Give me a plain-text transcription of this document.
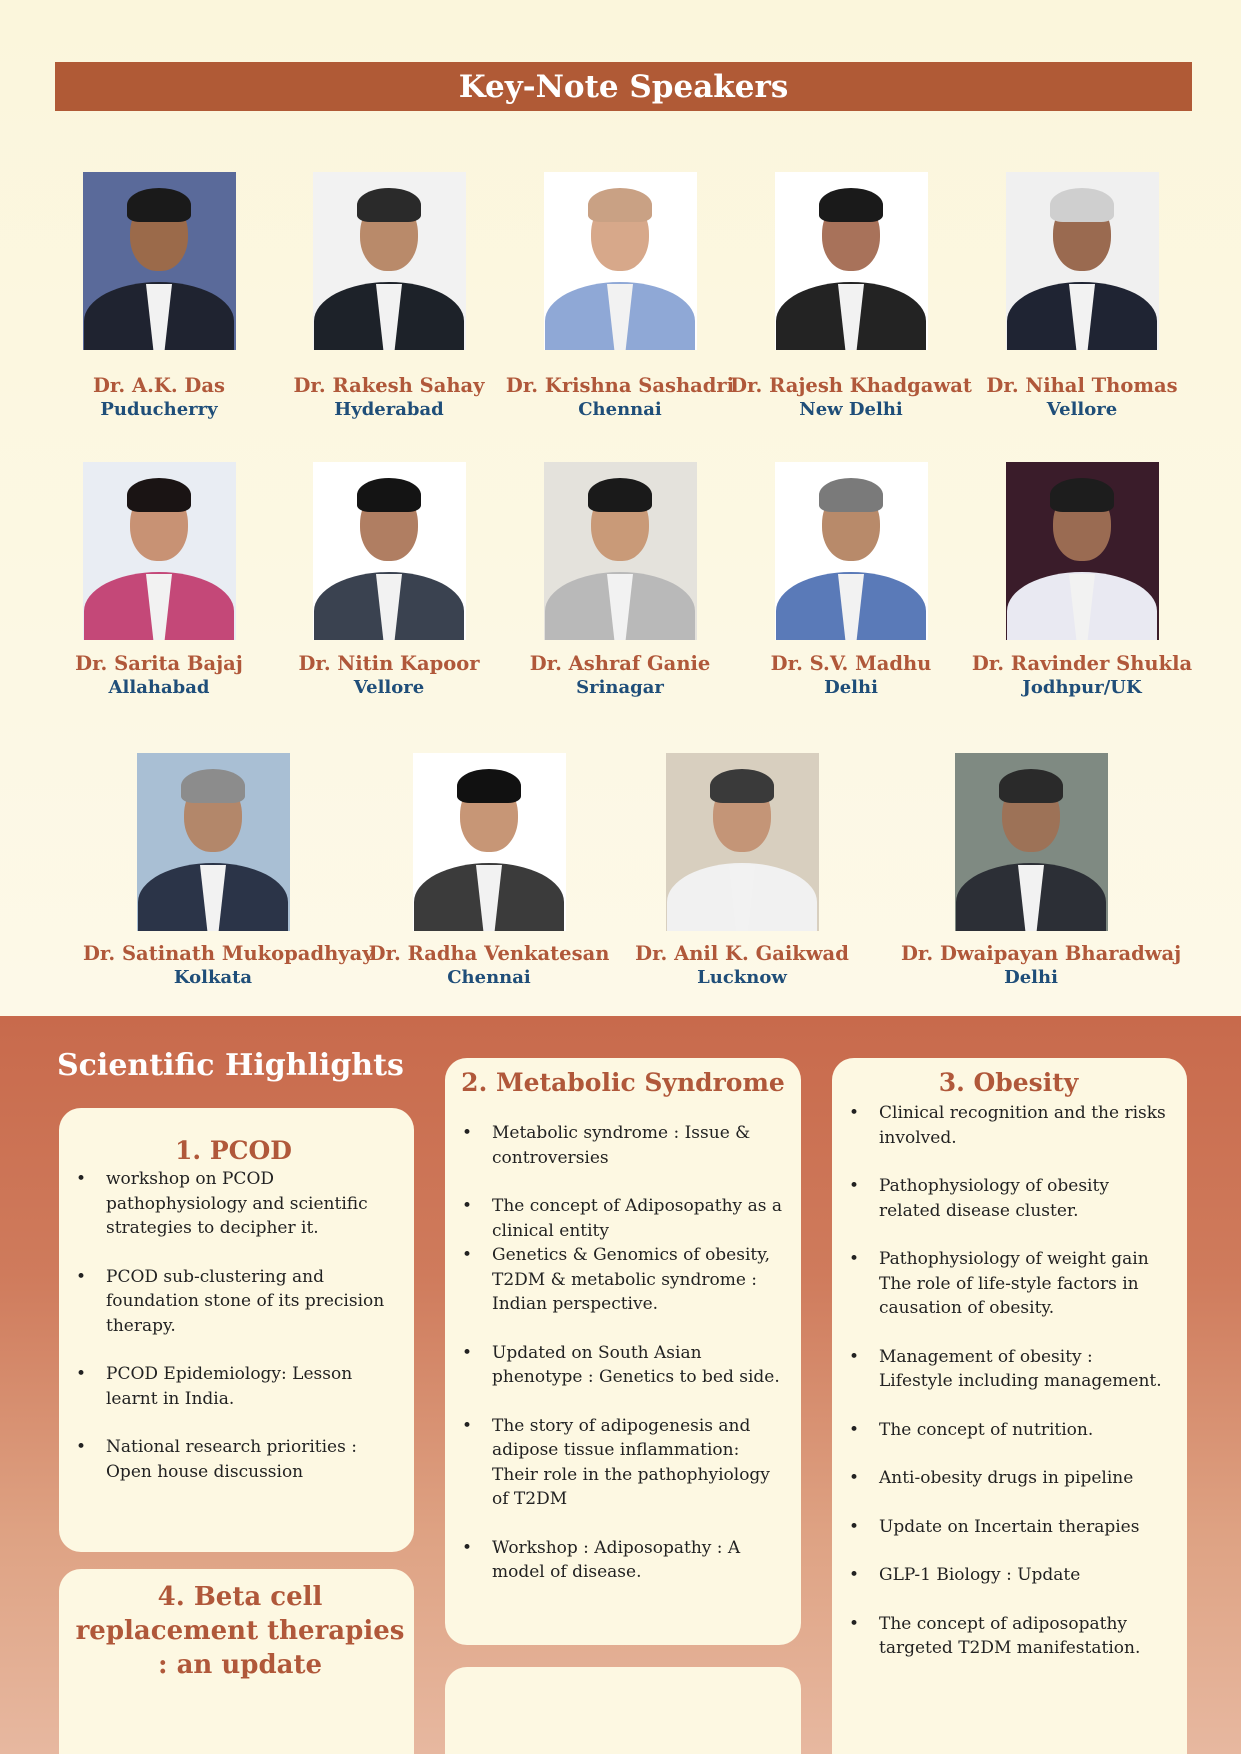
Key-Note Speakers
Dr. A.K. Das
Puducherry
Dr. Rakesh Sahay
Hyderabad
Dr. Krishna Sashadri
Chennai
Dr. Rajesh Khadgawat
New Delhi
Dr. Nihal Thomas
Vellore
Dr. Sarita Bajaj
Allahabad
Dr. Nitin Kapoor
Vellore
Dr. Ashraf Ganie
Srinagar
Dr. S.V. Madhu
Delhi
Dr. Ravinder Shukla
Jodhpur/UK
Dr. Satinath Mukopadhyay
Kolkata
Dr. Radha Venkatesan
Chennai
Dr. Anil K. Gaikwad
Lucknow
Dr. Dwaipayan Bharadwaj
Delhi
Scientific Highlights
1. PCOD
• workshop on PCOD pathophysiology and scientific strategies to decipher it.
• PCOD sub-clustering and foundation stone of its precision therapy.
• PCOD Epidemiology: Lesson learnt in India.
• National research priorities : Open house discussion
2. Metabolic Syndrome
• Metabolic syndrome : Issue & controversies
• The concept of Adiposopathy as a clinical entity
• Genetics & Genomics of obesity, T2DM & metabolic syndrome : Indian perspective.
• Updated on South Asian phenotype : Genetics to bed side.
• The story of adipogenesis and adipose tissue inflammation: Their role in the pathophyiology of T2DM
• Workshop : Adiposopathy : A model of disease.
3. Obesity
• Clinical recognition and the risks involved.
• Pathophysiology of obesity related disease cluster.
• Pathophysiology of weight gain The role of life-style factors in causation of obesity.
• Management of obesity : Lifestyle including management.
• The concept of nutrition.
• Anti-obesity drugs in pipeline
• Update on Incertain therapies
• GLP-1 Biology : Update
• The concept of adiposopathy targeted T2DM manifestation.
4. Beta cell replacement therapies : an update
